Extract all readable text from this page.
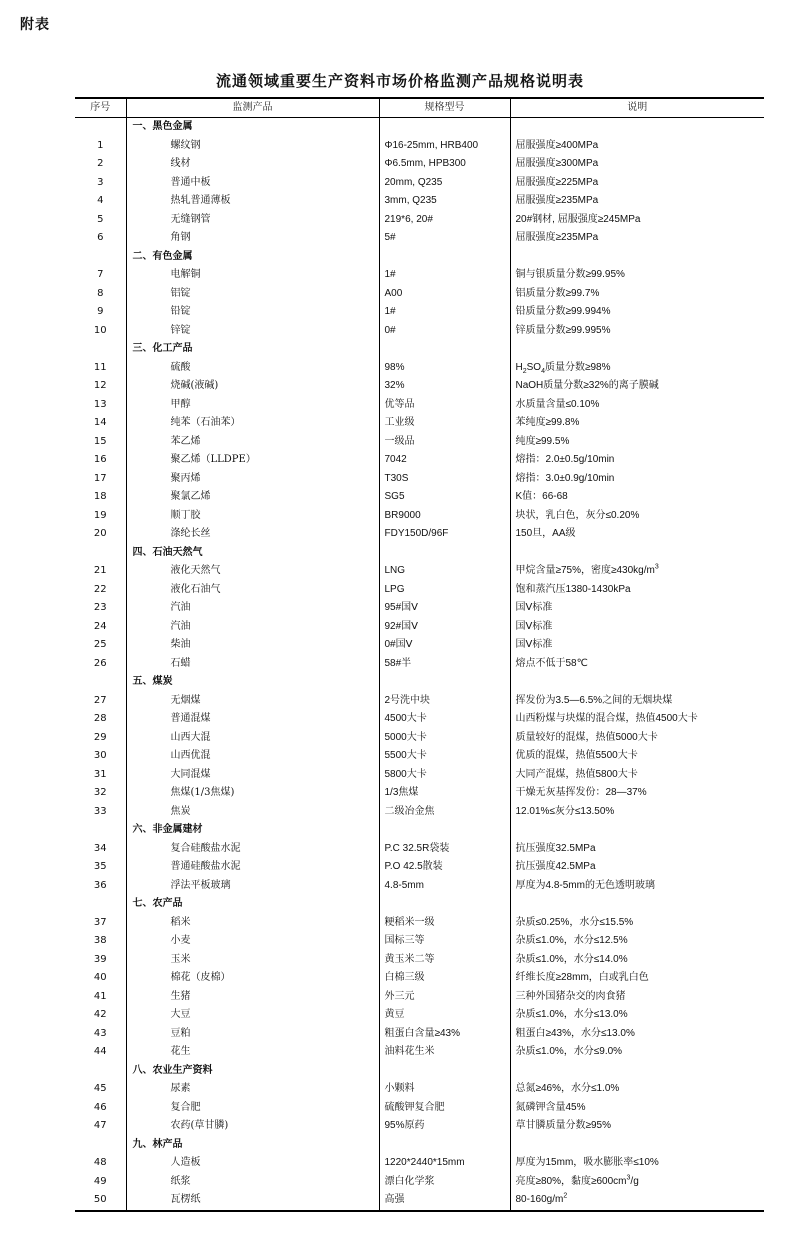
附表
流通领域重要生产资料市场价格监测产品规格说明表
序号	监测产品	规格型号	说明
	一、黑色金属		
1	螺纹钢	Φ16-25mm, HRB400	屈服强度≥400MPa
2	线材	Φ6.5mm, HPB300	屈服强度≥300MPa
3	普通中板	20mm, Q235	屈服强度≥225MPa
4	热轧普通薄板	3mm, Q235	屈服强度≥235MPa
5	无缝钢管	219*6, 20#	20#钢材, 屈服强度≥245MPa
6	角钢	5#	屈服强度≥235MPa
	二、有色金属		
7	电解铜	1#	铜与银质量分数≥99.95%
8	铝锭	A00	铝质量分数≥99.7%
9	铅锭	1#	铅质量分数≥99.994%
10	锌锭	0#	锌质量分数≥99.995%
	三、化工产品		
11	硫酸	98%	$H_2SO_4$质量分数≥98%
12	烧碱(液碱)	32%	NaOH质量分数≥32%的离子膜碱
13	甲醇	优等品	水质量含量≤0.10%
14	纯苯（石油苯）	工业级	苯纯度≥99.8%
15	苯乙烯	一级品	纯度≥99.5%
16	聚乙烯（LLDPE）	7042	熔指：2.0±0.5g/10min
17	聚丙烯	T30S	熔指：3.0±0.9g/10min
18	聚氯乙烯	SG5	K值：66-68
19	顺丁胶	BR9000	块状，乳白色，灰分≤0.20%
20	涤纶长丝	FDY150D/96F	150旦，AA级
	四、石油天然气		
21	液化天然气	LNG	甲烷含量≥75%，密度$\ge 430kg/m^3$
22	液化石油气	LPG	饱和蒸汽压1380-1430kPa
23	汽油	95#国Ⅴ	国Ⅴ标准
24	汽油	92#国Ⅴ	国Ⅴ标准
25	柴油	0#国Ⅴ	国Ⅴ标准
26	石蜡	58#半	熔点不低于58℃
	五、煤炭		
27	无烟煤	2号洗中块	挥发份为3.5—6.5%之间的无烟块煤
28	普通混煤	4500大卡	山西粉煤与块煤的混合煤，热值4500大卡
29	山西大混	5000大卡	质量较好的混煤，热值5000大卡
30	山西优混	5500大卡	优质的混煤，热值5500大卡
31	大同混煤	5800大卡	大同产混煤，热值5800大卡
32	焦煤(1/3焦煤)	1/3焦煤	干燥无灰基挥发份：28—37%
33	焦炭	二级冶金焦	12.01%≤灰分≤13.50%
	六、非金属建材		
34	复合硅酸盐水泥	P.C 32.5R袋装	抗压强度32.5MPa
35	普通硅酸盐水泥	P.O 42.5散装	抗压强度42.5MPa
36	浮法平板玻璃	4.8-5mm	厚度为4.8-5mm的无色透明玻璃
	七、农产品		
37	稻米	粳稻米一级	杂质≤0.25%，水分≤15.5%
38	小麦	国标三等	杂质≤1.0%，水分≤12.5%
39	玉米	黄玉米二等	杂质≤1.0%，水分≤14.0%
40	棉花（皮棉）	白棉三级	纤维长度≥28mm，白或乳白色
41	生猪	外三元	三种外国猪杂交的肉食猪
42	大豆	黄豆	杂质≤1.0%，水分≤13.0%
43	豆粕	粗蛋白含量≥43%	粗蛋白≥43%，水分≤13.0%
44	花生	油料花生米	杂质≤1.0%，水分≤9.0%
	八、农业生产资料		
45	尿素	小颗料	总氮≥46%，水分≤1.0%
46	复合肥	硫酸钾复合肥	氮磷钾含量45%
47	农药(草甘膦)	95%原药	草甘膦质量分数≥95%
	九、林产品		
48	人造板	1220*2440*15mm	厚度为15mm，吸水膨胀率≤10%
49	纸浆	漂白化学浆	亮度≥80%，黏度$\ge 600cm^3/g$
50	瓦楞纸	高强	$80-160g/m^2$
